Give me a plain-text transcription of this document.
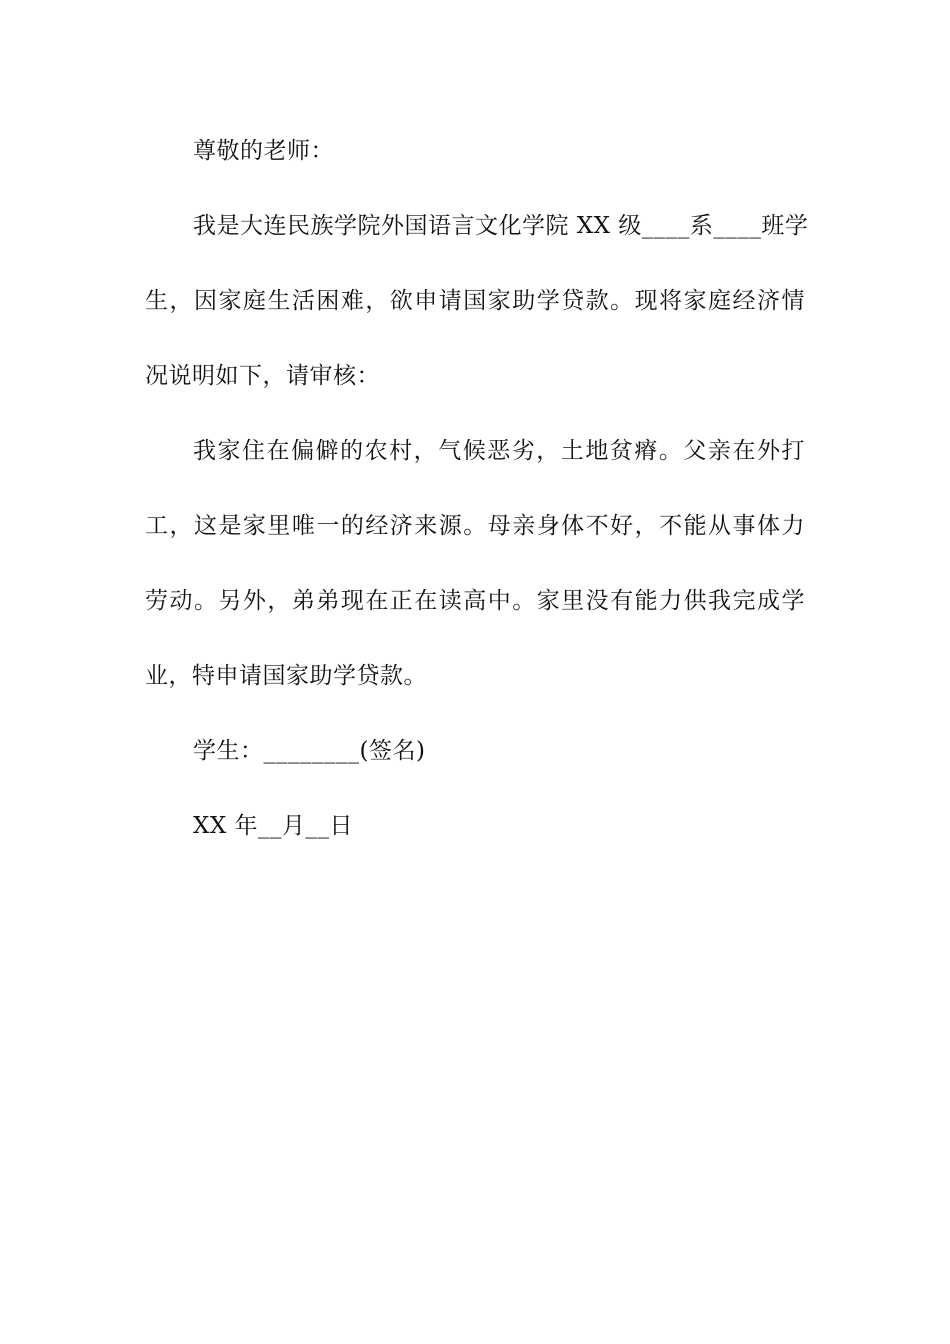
尊敬的老师：
我是大连民族学院外国语言文化学院 XX 级____系____班学
生，因家庭生活困难，欲申请国家助学贷款。现将家庭经济情
况说明如下，请审核：
我家住在偏僻的农村，气候恶劣，土地贫瘠。父亲在外打
工，这是家里唯一的经济来源。母亲身体不好，不能从事体力
劳动。另外，弟弟现在正在读高中。家里没有能力供我完成学
业，特申请国家助学贷款。
学生：________(签名)
XX 年__月__日
